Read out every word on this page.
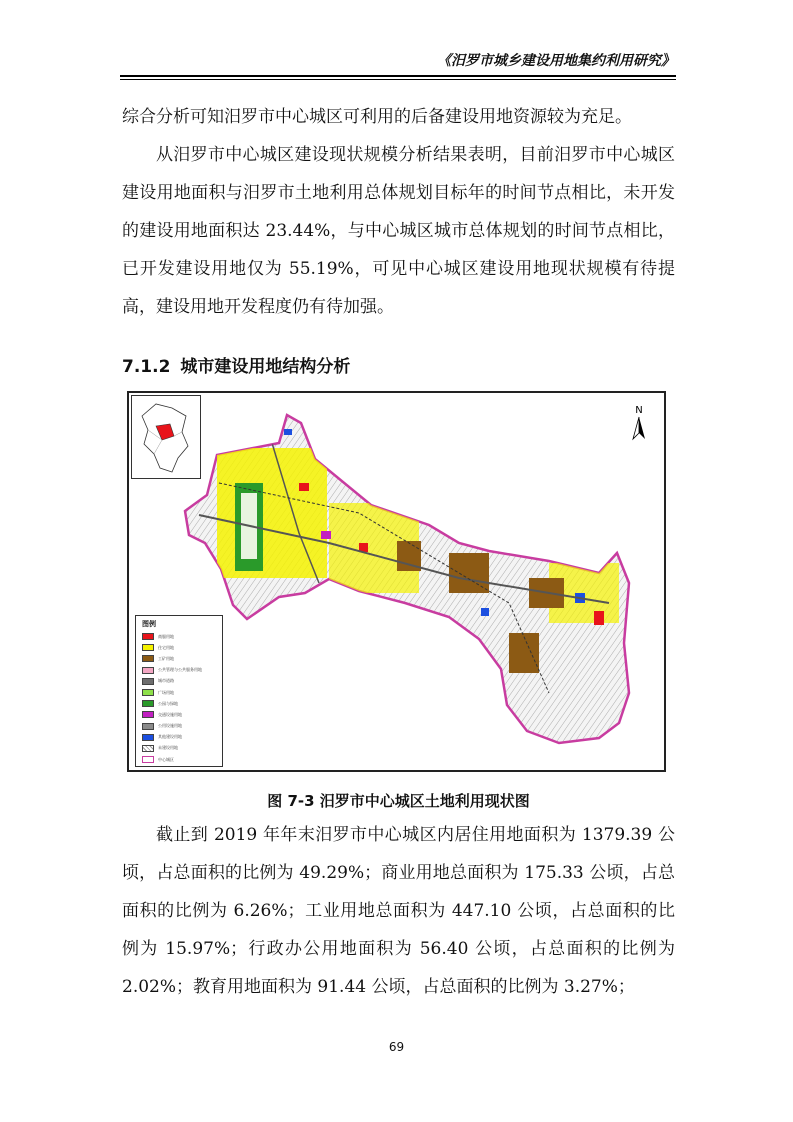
《汨罗市城乡建设用地集约利用研究》

综合分析可知汨罗市中心城区可利用的后备建设用地资源较为充足。

从汨罗市中心城区建设现状规模分析结果表明，目前汨罗市中心城区建设用地面积与汨罗市土地利用总体规划目标年的时间节点相比，未开发的建设用地面积达 23.44%，与中心城区城市总体规划的时间节点相比，已开发建设用地仅为 55.19%，可见中心城区建设用地现状规模有待提高，建设用地开发程度仍有待加强。

7.1.2 城市建设用地结构分析
N
图例
商服用地
住宅用地
工矿用地
公共管理与公共服务用地
城市道路
广场用地
公园与绿地
交通设施用地
公用设施用地
其他建设用地
未建设用地
中心城区
图 7-3 汨罗市中心城区土地利用现状图

截止到 2019 年年末汨罗市中心城区内居住用地面积为 1379.39 公顷，占总面积的比例为 49.29%；商业用地总面积为 175.33 公顷，占总面积的比例为 6.26%；工业用地总面积为 447.10 公顷，占总面积的比例为 15.97%；行政办公用地面积为 56.40 公顷，占总面积的比例为 2.02%；教育用地面积为 91.44 公顷，占总面积的比例为 3.27%；

69
